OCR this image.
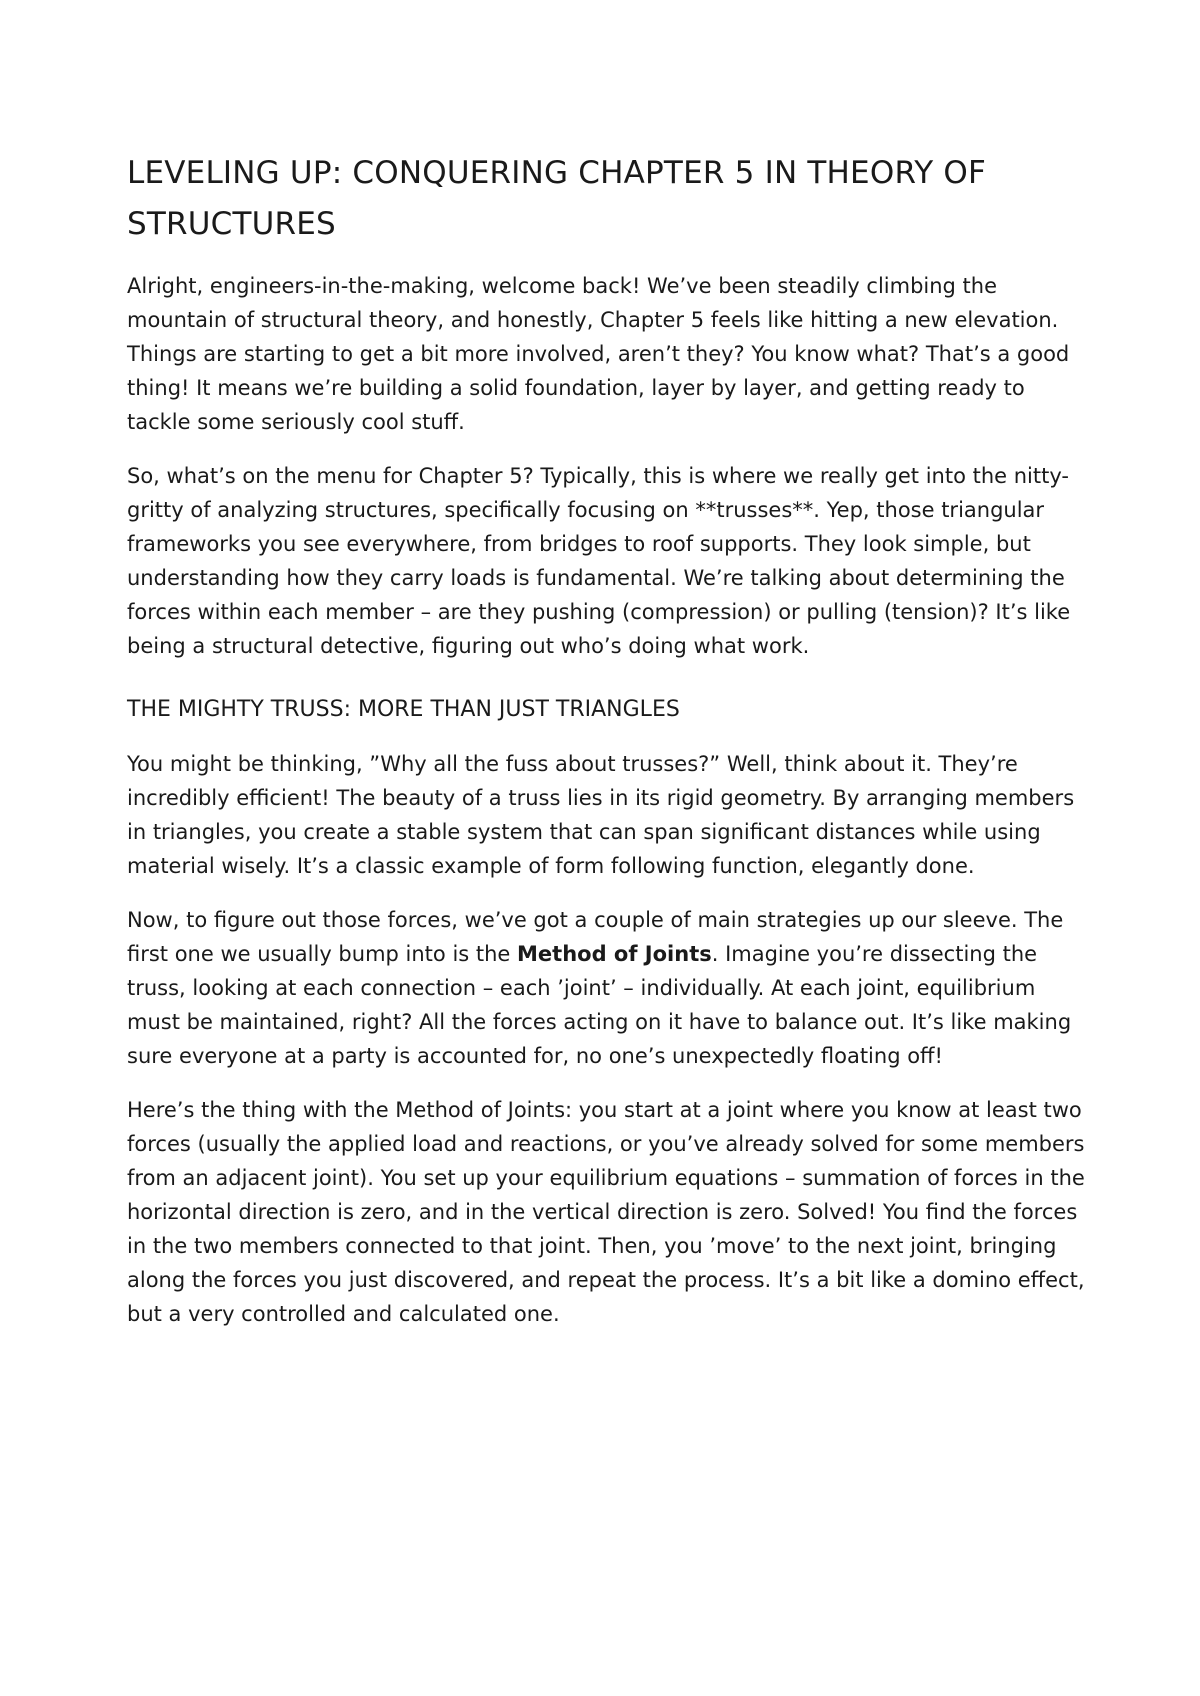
LEVELING UP: CONQUERING CHAPTER 5 IN THEORY OF STRUCTURES

Alright, engineers-in-the-making, welcome back! We’ve been steadily climbing the mountain of structural theory, and honestly, Chapter 5 feels like hitting a new elevation. Things are starting to get a bit more involved, aren’t they? You know what? That’s a good thing! It means we’re building a solid foundation, layer by layer, and getting ready to tackle some seriously cool stuff.

So, what’s on the menu for Chapter 5? Typically, this is where we really get into the nitty-gritty of analyzing structures, specifically focusing on **trusses**. Yep, those triangular frameworks you see everywhere, from bridges to roof supports. They look simple, but understanding how they carry loads is fundamental. We’re talking about determining the forces within each member – are they pushing (compression) or pulling (tension)? It’s like being a structural detective, figuring out who’s doing what work.

THE MIGHTY TRUSS: MORE THAN JUST TRIANGLES

You might be thinking, ”Why all the fuss about trusses?” Well, think about it. They’re incredibly efficient! The beauty of a truss lies in its rigid geometry. By arranging members in triangles, you create a stable system that can span significant distances while using material wisely. It’s a classic example of form following function, elegantly done.

Now, to figure out those forces, we’ve got a couple of main strategies up our sleeve. The first one we usually bump into is the Method of Joints. Imagine you’re dissecting the truss, looking at each connection – each ’joint’ – individually. At each joint, equilibrium must be maintained, right? All the forces acting on it have to balance out. It’s like making sure everyone at a party is accounted for, no one’s unexpectedly floating off!

Here’s the thing with the Method of Joints: you start at a joint where you know at least two forces (usually the applied load and reactions, or you’ve already solved for some members from an adjacent joint). You set up your equilibrium equations – summation of forces in the horizontal direction is zero, and in the vertical direction is zero. Solved! You find the forces in the two members connected to that joint. Then, you ’move’ to the next joint, bringing along the forces you just discovered, and repeat the process. It’s a bit like a domino effect, but a very controlled and calculated one.
